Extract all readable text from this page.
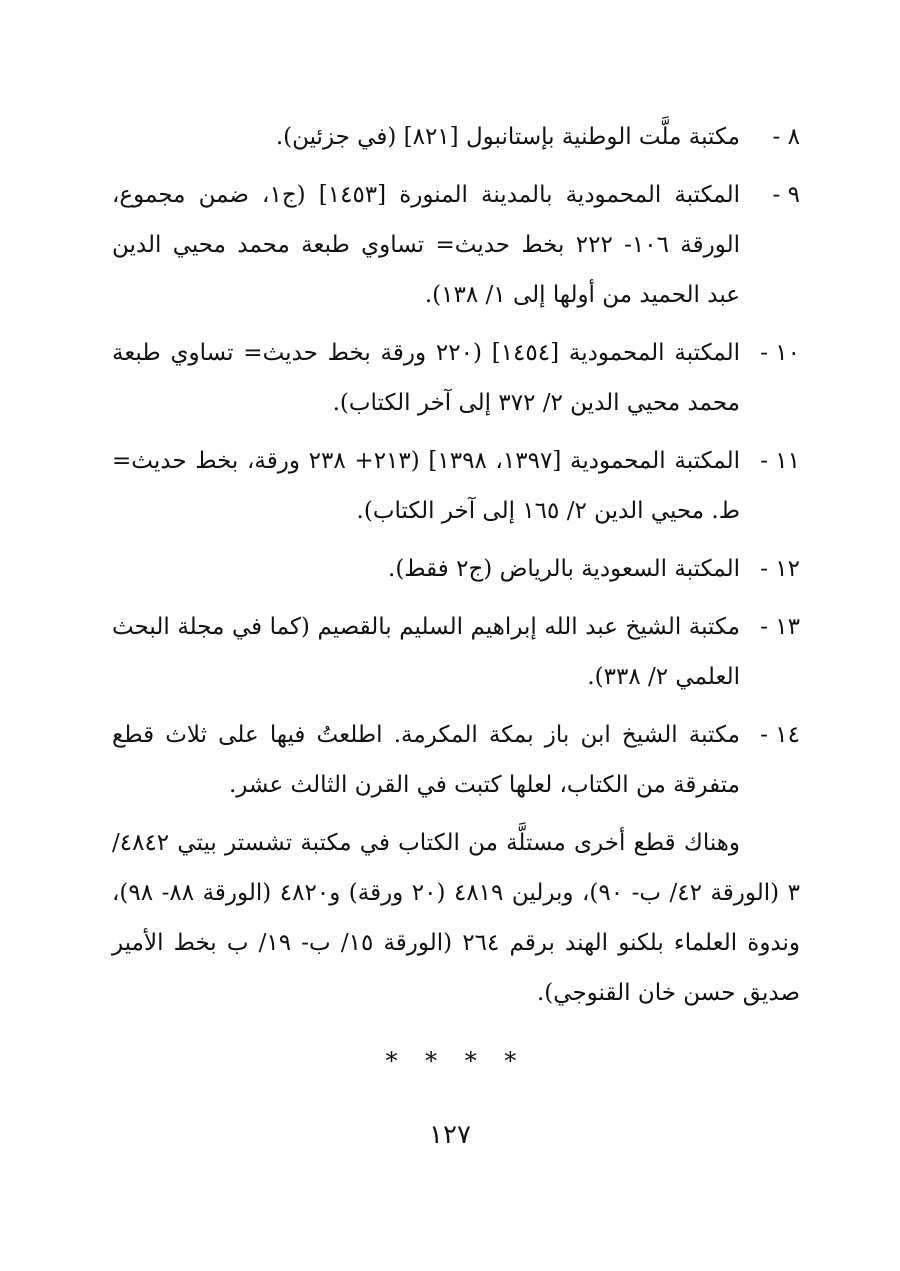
٨ -
مكتبة ملَّت الوطنية بإستانبول [٨٢١] (في جزئين).
٩ -
المكتبة المحمودية بالمدينة المنورة [١٤٥٣] (ج١، ضمن مجموع، الورقة ١٠٦- ٢٢٢ بخط حديث= تساوي طبعة محمد محيي الدين عبد الحميد من أولها إلى ١/ ١٣٨).
١٠ -
المكتبة المحمودية [١٤٥٤] (٢٢٠ ورقة بخط حديث= تساوي طبعة محمد محيي الدين ٢/ ٣٧٢ إلى آخر الكتاب).
١١ -
المكتبة المحمودية [١٣٩٧، ١٣٩٨] (٢١٣+ ٢٣٨ ورقة، بخط حديث= ط. محيي الدين ٢/ ١٦٥ إلى آخر الكتاب).
١٢ -
المكتبة السعودية بالرياض (ج٢ فقط).
١٣ -
مكتبة الشيخ عبد الله إبراهيم السليم بالقصيم (كما في مجلة البحث العلمي ٢/ ٣٣٨).
١٤ -
مكتبة الشيخ ابن باز بمكة المكرمة. اطلعتُ فيها على ثلاث قطع متفرقة من الكتاب، لعلها كتبت في القرن الثالث عشر.

وهناك قطع أخرى مستلَّة من الكتاب في مكتبة تشستر بيتي ٤٨٤٢/ ٣ (الورقة ٤٢/ ب- ٩٠)، وبرلين ٤٨١٩ (٢٠ ورقة) و٤٨٢٠ (الورقة ٨٨- ٩٨)، وندوة العلماء بلكنو الهند برقم ٢٦٤ (الورقة ١٥/ ب- ١٩/ ب بخط الأمير صديق حسن خان القنوجي).

* * * *
١٢٧
